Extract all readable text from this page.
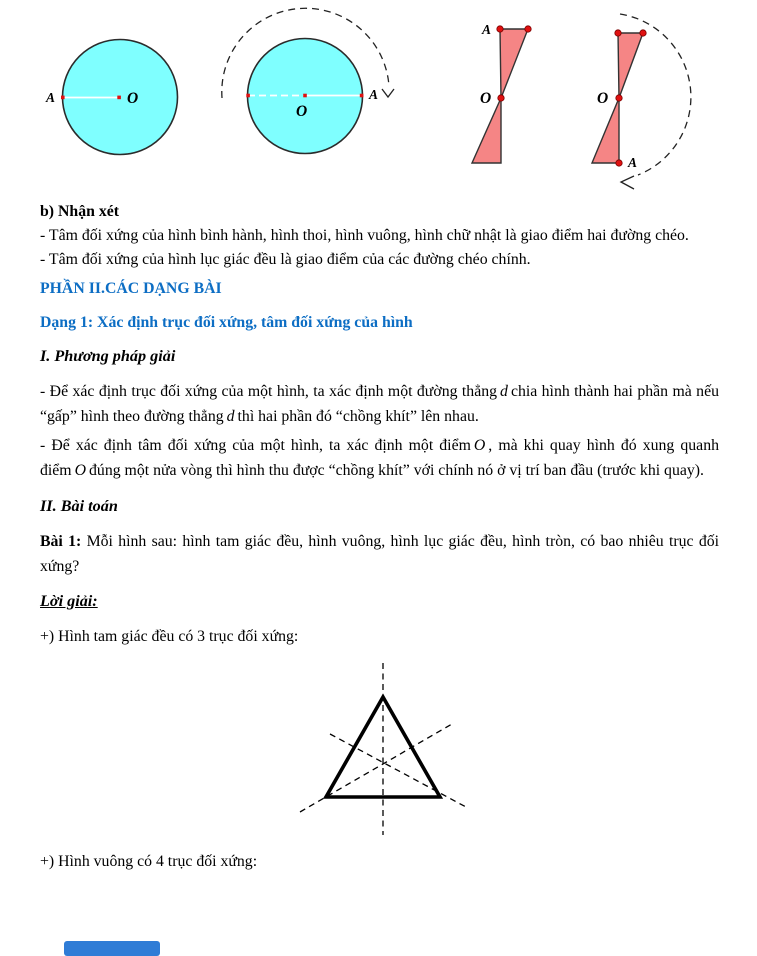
A	O
O
A
A
O	O
A
b) Nhận xét
- Tâm đối xứng của hình bình hành, hình thoi, hình vuông, hình chữ nhật là giao điểm hai đường chéo.
- Tâm đối xứng của hình lục giác đều là giao điểm của các đường chéo chính.
PHẦN II.CÁC DẠNG BÀI
Dạng 1: Xác định trục đối xứng, tâm đối xứng của hình
I. Phương pháp giải
- Để xác định trục đối xứng của một hình, ta xác định một đường thẳng d chia hình thành hai phần mà nếu “gấp” hình theo đường thẳng d thì hai phần đó “chồng khít” lên nhau.
- Để xác định tâm đối xứng của một hình, ta xác định một điểm O , mà khi quay hình đó xung quanh điểm O đúng một nửa vòng thì hình thu được “chồng khít” với chính nó ở vị trí ban đầu (trước khi quay).
II. Bài toán
Bài 1: Mỗi hình sau: hình tam giác đều, hình vuông, hình lục giác đều, hình tròn, có bao nhiêu trục đối xứng?
Lời giải:
+) Hình tam giác đều có 3 trục đối xứng:
+) Hình vuông có 4 trục đối xứng:
